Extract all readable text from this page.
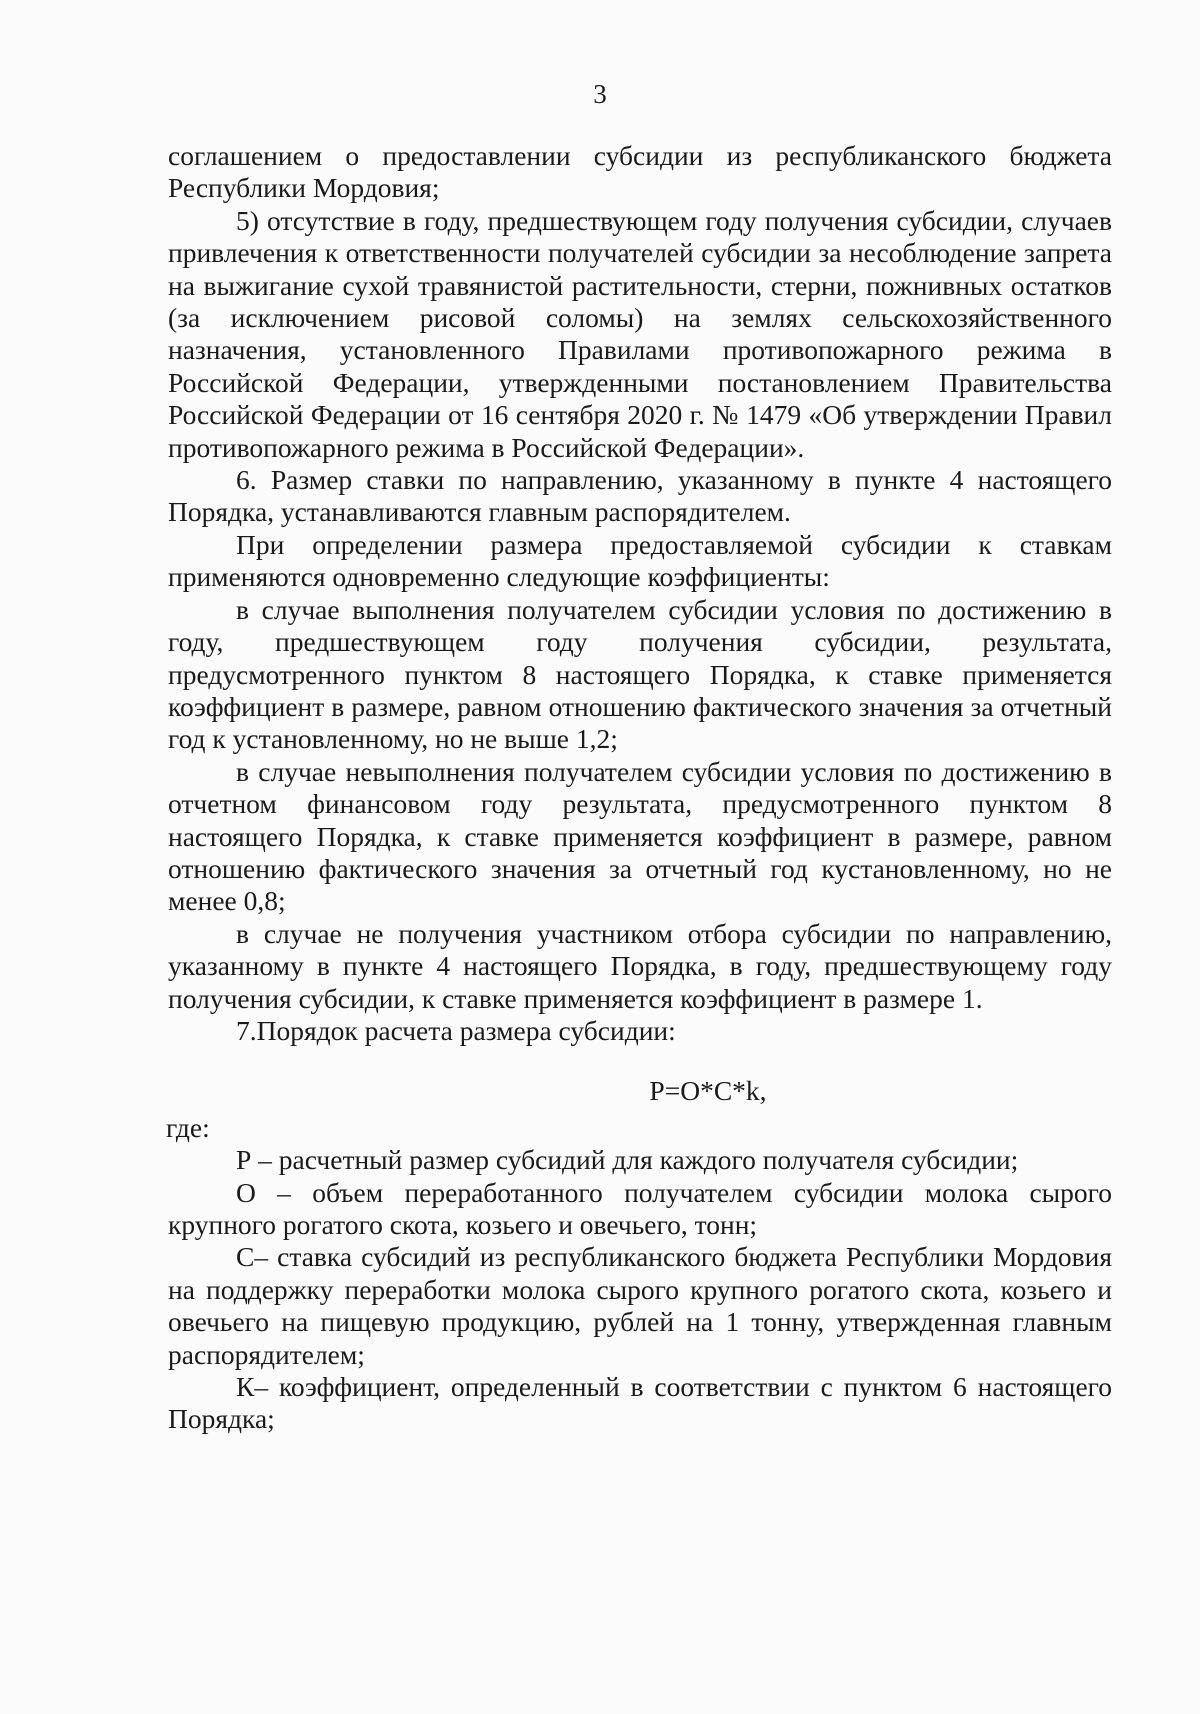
3

соглашением о предоставлении субсидии из республиканского бюджета Республики Мордовия;

5) отсутствие в году, предшествующем году получения субсидии, случаев привлечения к ответственности получателей субсидии за несоблюдение запрета на выжигание сухой травянистой растительности, стерни, пожнивных остатков (за исключением рисовой соломы) на землях сельскохозяйственного назначения, установленного Правилами противопожарного режима в Российской Федерации, утвержденными постановлением Правительства Российской Федерации от 16 сентября 2020 г. № 1479 «Об утверждении Правил противопожарного режима в Российской Федерации».

6. Размер ставки по направлению, указанному в пункте 4 настоящего Порядка, устанавливаются главным распорядителем.

При определении размера предоставляемой субсидии к ставкам применяются одновременно следующие коэффициенты:

в случае выполнения получателем субсидии условия по достижению в году, предшествующем году получения субсидии, результата, предусмотренного пунктом 8 настоящего Порядка, к ставке применяется коэффициент в размере, равном отношению фактического значения за отчетный год к установленному, но не выше 1,2;

в случае невыполнения получателем субсидии условия по достижению в отчетном финансовом году результата, предусмотренного пунктом 8 настоящего Порядка, к ставке применяется коэффициент в размере, равном отношению фактического значения за отчетный год кустановленному, но не менее 0,8;

в случае не получения участником отбора субсидии по направлению, указанному в пункте 4 настоящего Порядка, в году, предшествующему году получения субсидии, к ставке применяется коэффициент в размере 1.

7.Порядок расчета размера субсидии:

Р=О*С*k,

где:

Р – расчетный размер субсидий для каждого получателя субсидии;

О – объем переработанного получателем субсидии молока сырого крупного рогатого скота, козьего и овечьего, тонн;

С– ставка субсидий из республиканского бюджета Республики Мордовия на поддержку переработки молока сырого крупного рогатого скота, козьего и овечьего на пищевую продукцию, рублей на 1 тонну, утвержденная главным распорядителем;

К– коэффициент, определенный в соответствии с пунктом 6 настоящего Порядка;
